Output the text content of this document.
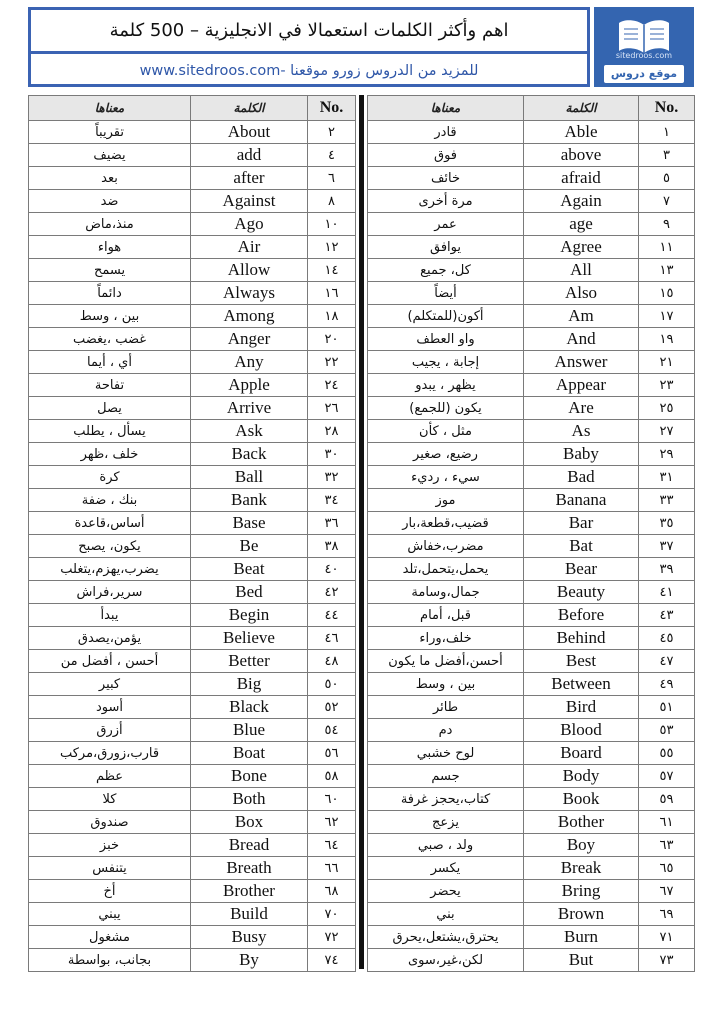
اهم وأكثر الكلمات استعمالا في الانجليزية – 500 كلمة
www.sitedroos.com- للمزيد من الدروس زورو موقعنا
sitedroos.com
موقع دروس
معناها	الكلمة	No.
قادر	Able	١
فوق	above	٣
خائف	afraid	٥
مرة أخرى	Again	٧
عمر	age	٩
يوافق	Agree	١١
كل، جميع	All	١٣
أيضاً	Also	١٥
أكون(للمتكلم)	Am	١٧
واو العطف	And	١٩
إجابة ، يجيب	Answer	٢١
يظهر ، يبدو	Appear	٢٣
يكون (للجمع)	Are	٢٥
مثل ، كأن	As	٢٧
رضيع، صغير	Baby	٢٩
سيء ، رديء	Bad	٣١
موز	Banana	٣٣
قضيب،قطعة،بار	Bar	٣٥
مضرب،خفاش	Bat	٣٧
يحمل،يتحمل،تلد	Bear	٣٩
جمال،وسامة	Beauty	٤١
قبل، أمام	Before	٤٣
خلف،وراء	Behind	٤٥
أحسن،أفضل ما يكون	Best	٤٧
بين ، وسط	Between	٤٩
طائر	Bird	٥١
دم	Blood	٥٣
لوح خشبي	Board	٥٥
جسم	Body	٥٧
كتاب،يحجز غرفة	Book	٥٩
يزعج	Bother	٦١
ولد ، صبي	Boy	٦٣
يكسر	Break	٦٥
يحضر	Bring	٦٧
بني	Brown	٦٩
يحترق،يشتعل،يحرق	Burn	٧١
لكن،غير،سوى	But	٧٣
معناها	الكلمة	No.
تقريباً	About	٢
يضيف	add	٤
بعد	after	٦
ضد	Against	٨
منذ،ماض	Ago	١٠
هواء	Air	١٢
يسمح	Allow	١٤
دائماً	Always	١٦
بين ، وسط	Among	١٨
غضب ،يغضب	Anger	٢٠
أي ، أيما	Any	٢٢
تفاحة	Apple	٢٤
يصل	Arrive	٢٦
يسأل ، يطلب	Ask	٢٨
خلف ،ظهر	Back	٣٠
كرة	Ball	٣٢
بنك ، ضفة	Bank	٣٤
أساس،قاعدة	Base	٣٦
يكون، يصبح	Be	٣٨
يضرب،يهزم،يتغلب	Beat	٤٠
سرير،فراش	Bed	٤٢
يبدأ	Begin	٤٤
يؤمن،يصدق	Believe	٤٦
أحسن ، أفضل من	Better	٤٨
كبير	Big	٥٠
أسود	Black	٥٢
أزرق	Blue	٥٤
قارب،زورق،مركب	Boat	٥٦
عظم	Bone	٥٨
كلا	Both	٦٠
صندوق	Box	٦٢
خبز	Bread	٦٤
يتنفس	Breath	٦٦
أخ	Brother	٦٨
يبني	Build	٧٠
مشغول	Busy	٧٢
بجانب، بواسطة	By	٧٤
